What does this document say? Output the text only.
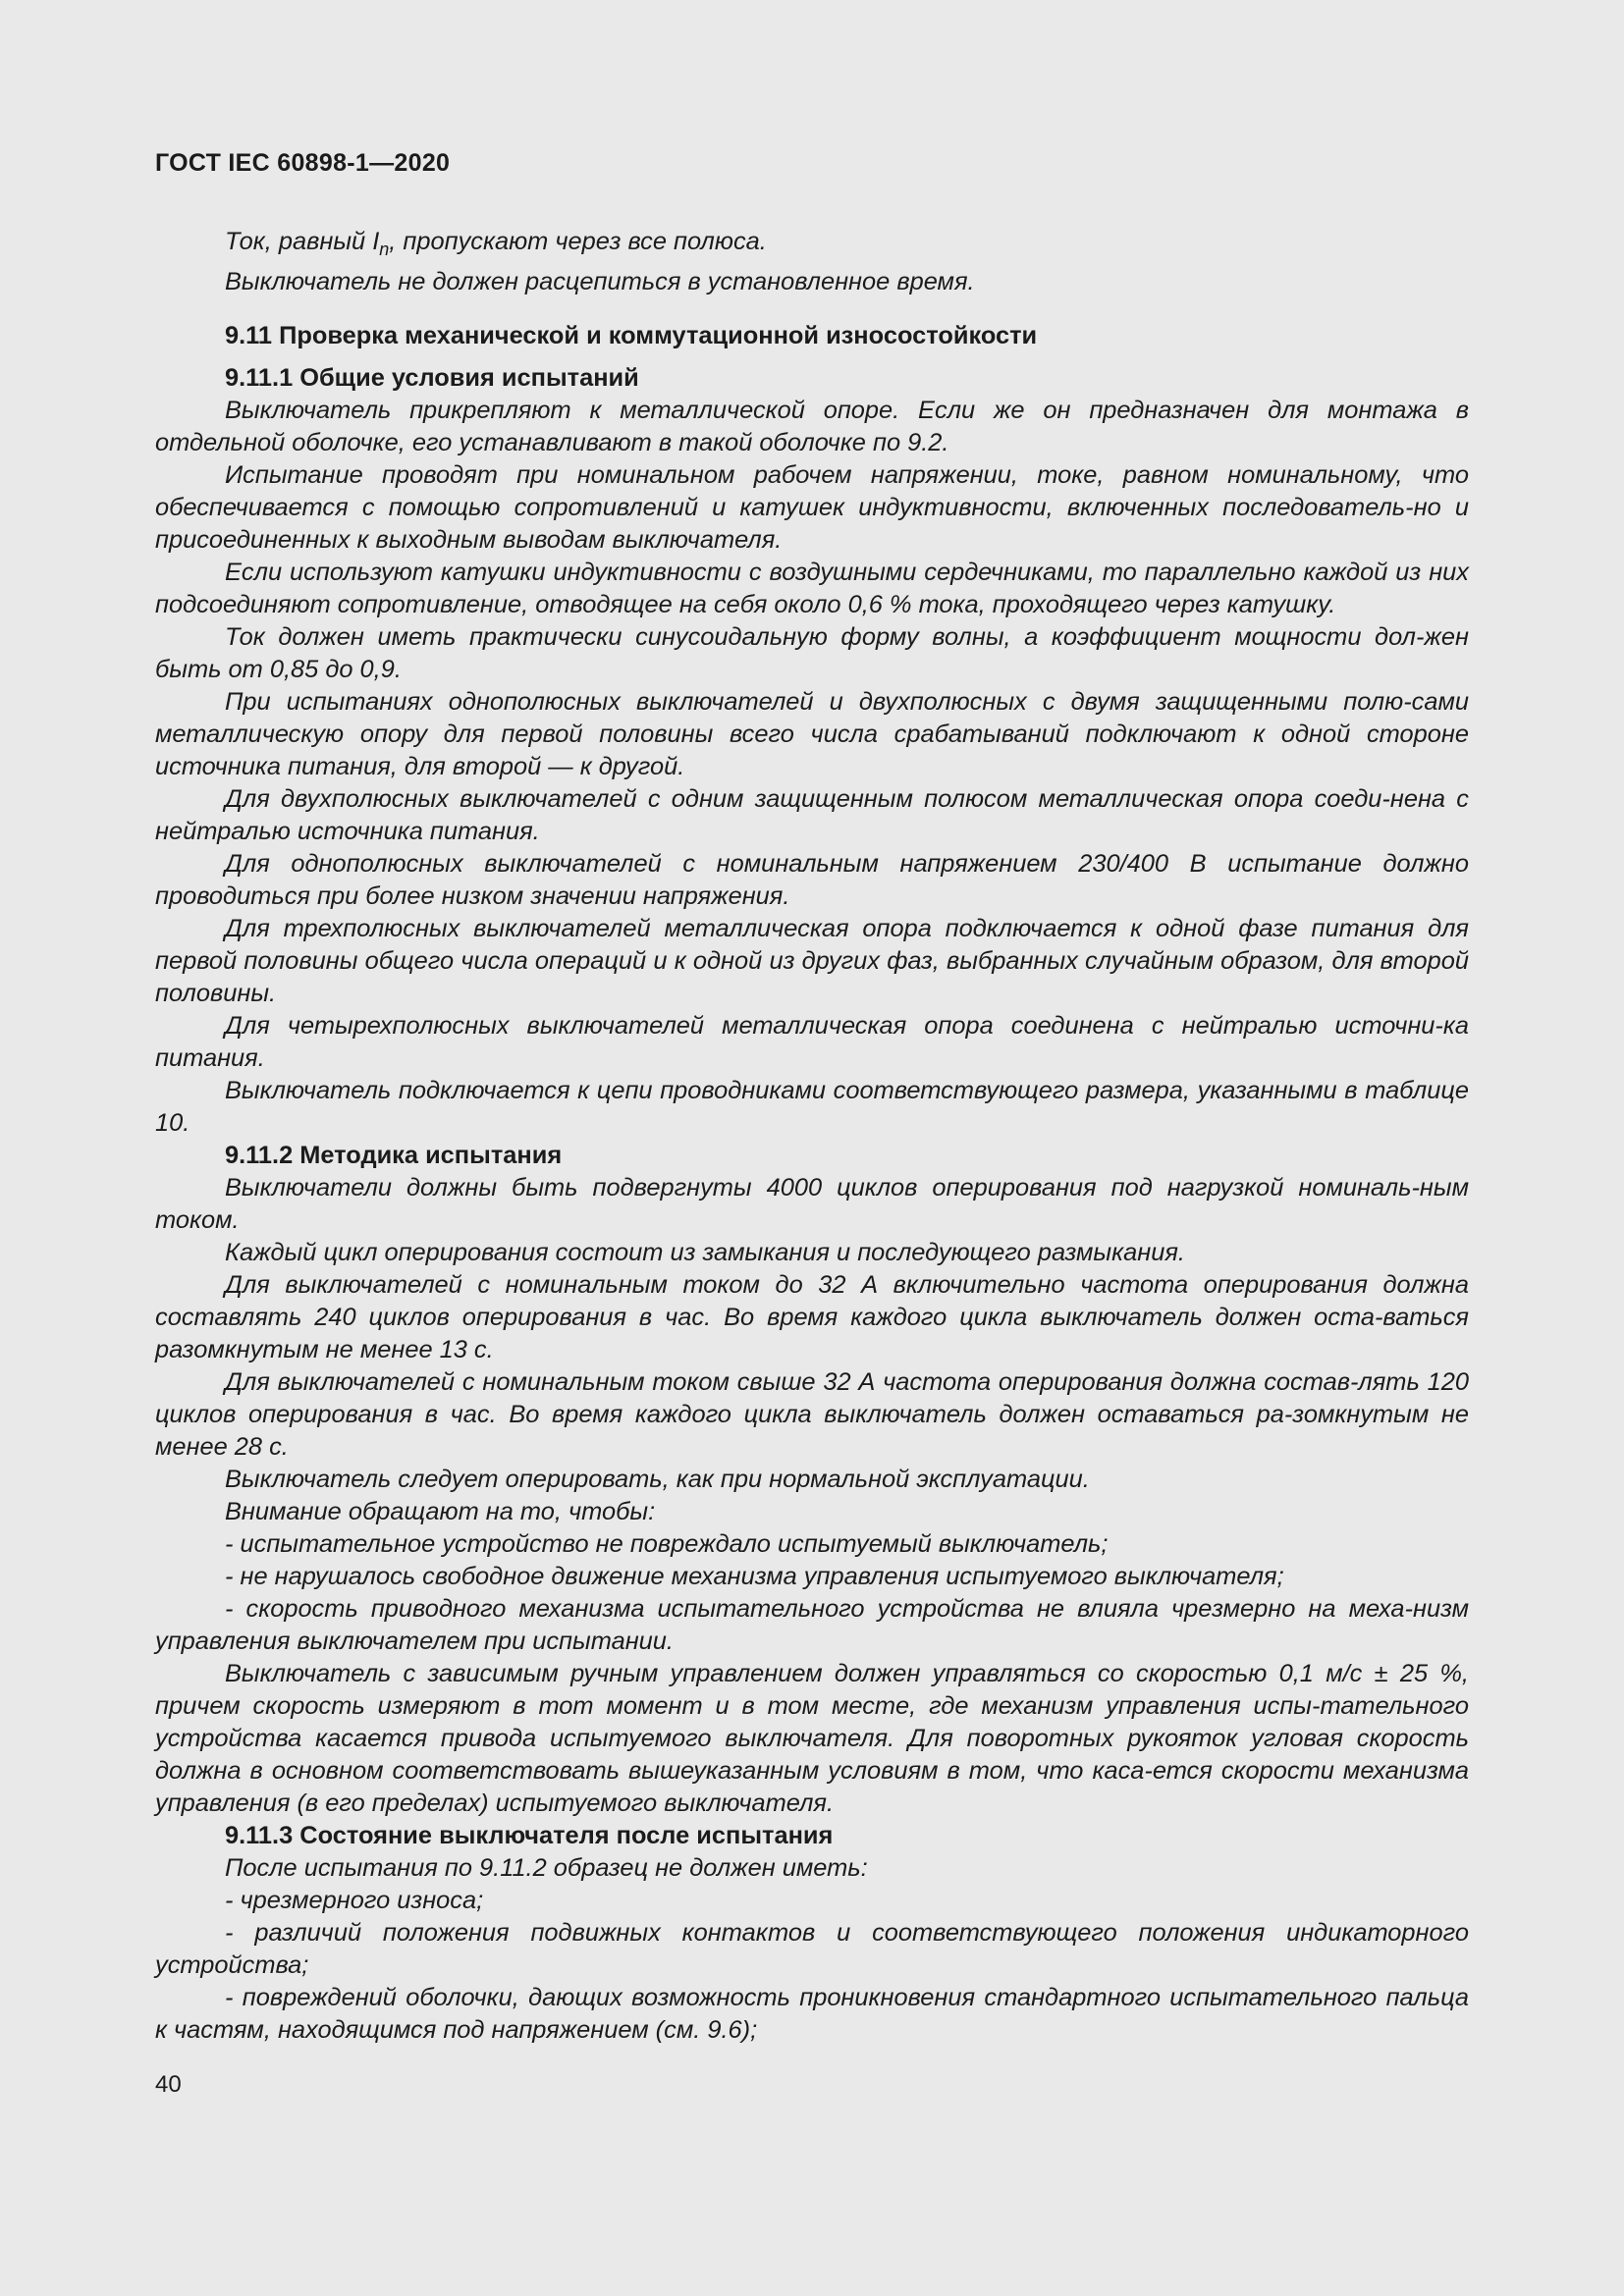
ГОСТ IEC 60898-1—2020

Ток, равный $I_n$, пропускают через все полюса.

Выключатель не должен расцепиться в установленное время.

9.11 Проверка механической и коммутационной износостойкости

9.11.1 Общие условия испытаний

Выключатель прикрепляют к металлической опоре. Если же он предназначен для монтажа в отдельной оболочке, его устанавливают в такой оболочке по 9.2.

Испытание проводят при номинальном рабочем напряжении, токе, равном номинальному, что обеспечивается с помощью сопротивлений и катушек индуктивности, включенных последователь-но и присоединенных к выходным выводам выключателя.

Если используют катушки индуктивности с воздушными сердечниками, то параллельно каждой из них подсоединяют сопротивление, отводящее на себя около 0,6 % тока, проходящего через катушку.

Ток должен иметь практически синусоидальную форму волны, а коэффициент мощности дол-жен быть от 0,85 до 0,9.

При испытаниях однополюсных выключателей и двухполюсных с двумя защищенными полю-сами металлическую опору для первой половины всего числа срабатываний подключают к одной стороне источника питания, для второй — к другой.

Для двухполюсных выключателей с одним защищенным полюсом металлическая опора соеди-нена с нейтралью источника питания.

Для однополюсных выключателей с номинальным напряжением 230/400 В испытание должно проводиться при более низком значении напряжения.

Для трехполюсных выключателей металлическая опора подключается к одной фазе питания для первой половины общего числа операций и к одной из других фаз, выбранных случайным образом, для второй половины.

Для четырехполюсных выключателей металлическая опора соединена с нейтралью источни-ка питания.

Выключатель подключается к цепи проводниками соответствующего размера, указанными в таблице 10.

9.11.2 Методика испытания

Выключатели должны быть подвергнуты 4000 циклов оперирования под нагрузкой номиналь-ным током.

Каждый цикл оперирования состоит из замыкания и последующего размыкания.

Для выключателей с номинальным током до 32 А включительно частота оперирования должна составлять 240 циклов оперирования в час. Во время каждого цикла выключатель должен оста-ваться разомкнутым не менее 13 с.

Для выключателей с номинальным током свыше 32 А частота оперирования должна состав-лять 120 циклов оперирования в час. Во время каждого цикла выключатель должен оставаться ра-зомкнутым не менее 28 с.

Выключатель следует оперировать, как при нормальной эксплуатации.

Внимание обращают на то, чтобы:

- испытательное устройство не повреждало испытуемый выключатель;

- не нарушалось свободное движение механизма управления испытуемого выключателя;

- скорость приводного механизма испытательного устройства не влияла чрезмерно на меха-низм управления выключателем при испытании.

Выключатель с зависимым ручным управлением должен управляться со скоростью 0,1 м/с ± 25 %, причем скорость измеряют в тот момент и в том месте, где механизм управления испы-тательного устройства касается привода испытуемого выключателя. Для поворотных рукояток угловая скорость должна в основном соответствовать вышеуказанным условиям в том, что каса-ется скорости механизма управления (в его пределах) испытуемого выключателя.

9.11.3 Состояние выключателя после испытания

После испытания по 9.11.2 образец не должен иметь:

- чрезмерного износа;

- различий положения подвижных контактов и соответствующего положения индикаторного устройства;

- повреждений оболочки, дающих возможность проникновения стандартного испытательного пальца к частям, находящимся под напряжением (см. 9.6);

40
